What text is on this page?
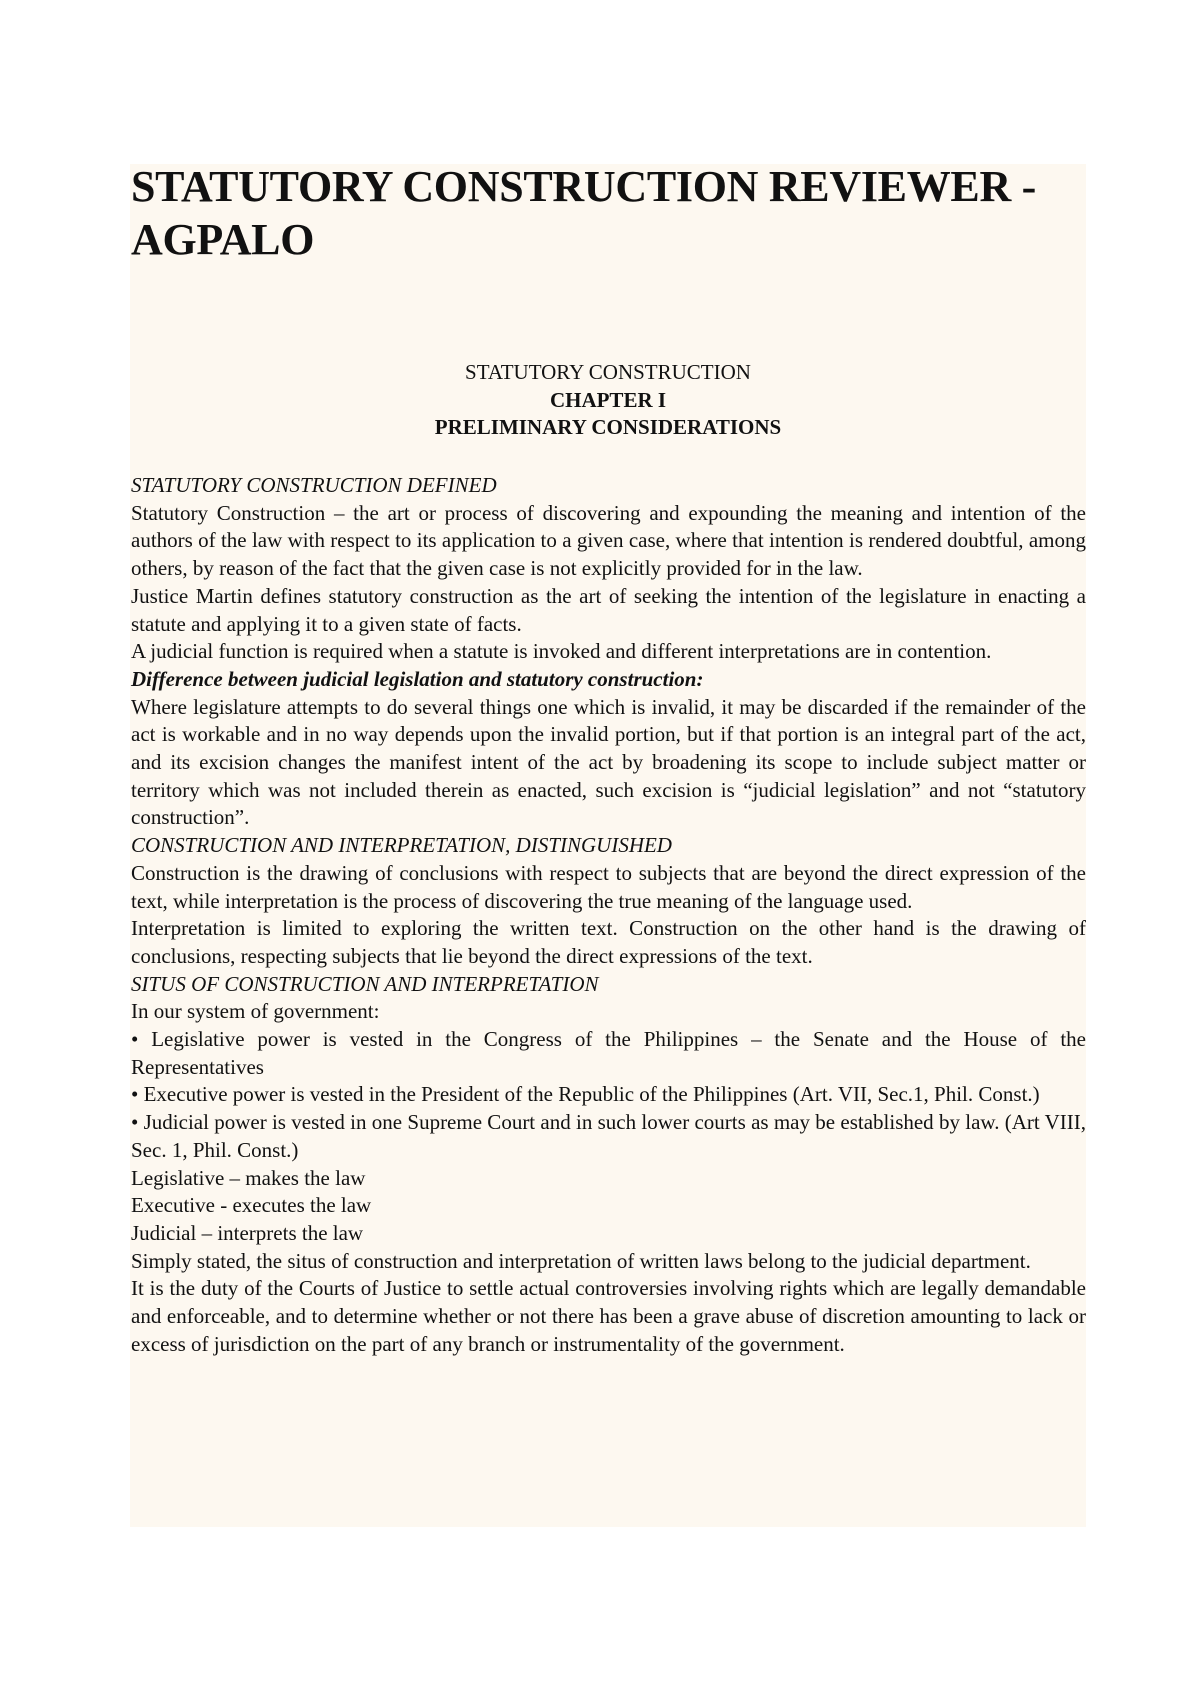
STATUTORY CONSTRUCTION REVIEWER -AGPALO
STATUTORY CONSTRUCTION
CHAPTER I
PRELIMINARY CONSIDERATIONS

STATUTORY CONSTRUCTION DEFINED

Statutory Construction – the art or process of discovering and expounding the meaning and intention of the authors of the law with respect to its application to a given case, where that intention is rendered doubtful, among others, by reason of the fact that the given case is not explicitly provided for in the law.

Justice Martin defines statutory construction as the art of seeking the intention of the legislature in enacting a statute and applying it to a given state of facts.

A judicial function is required when a statute is invoked and different interpretations are in contention.

Difference between judicial legislation and statutory construction:

Where legislature attempts to do several things one which is invalid, it may be discarded if the remainder of the act is workable and in no way depends upon the invalid portion, but if that portion is an integral part of the act, and its excision changes the manifest intent of the act by broadening its scope to include subject matter or territory which was not included therein as enacted, such excision is “judicial legislation” and not “statutory construction”.

CONSTRUCTION AND INTERPRETATION, DISTINGUISHED

Construction is the drawing of conclusions with respect to subjects that are beyond the direct expression of the text, while interpretation is the process of discovering the true meaning of the language used.

Interpretation is limited to exploring the written text. Construction on the other hand is the drawing of conclusions, respecting subjects that lie beyond the direct expressions of the text.

SITUS OF CONSTRUCTION AND INTERPRETATION

In our system of government:

• Legislative power is vested in the Congress of the Philippines – the Senate and the House of the Representatives

• Executive power is vested in the President of the Republic of the Philippines (Art. VII, Sec.1, Phil. Const.)

• Judicial power is vested in one Supreme Court and in such lower courts as may be established by law. (Art VIII, Sec. 1, Phil. Const.)

Legislative – makes the law

Executive - executes the law

Judicial – interprets the law

Simply stated, the situs of construction and interpretation of written laws belong to the judicial department.

It is the duty of the Courts of Justice to settle actual controversies involving rights which are legally demandable and enforceable, and to determine whether or not there has been a grave abuse of discretion amounting to lack or excess of jurisdiction on the part of any branch or instrumentality of the government.
